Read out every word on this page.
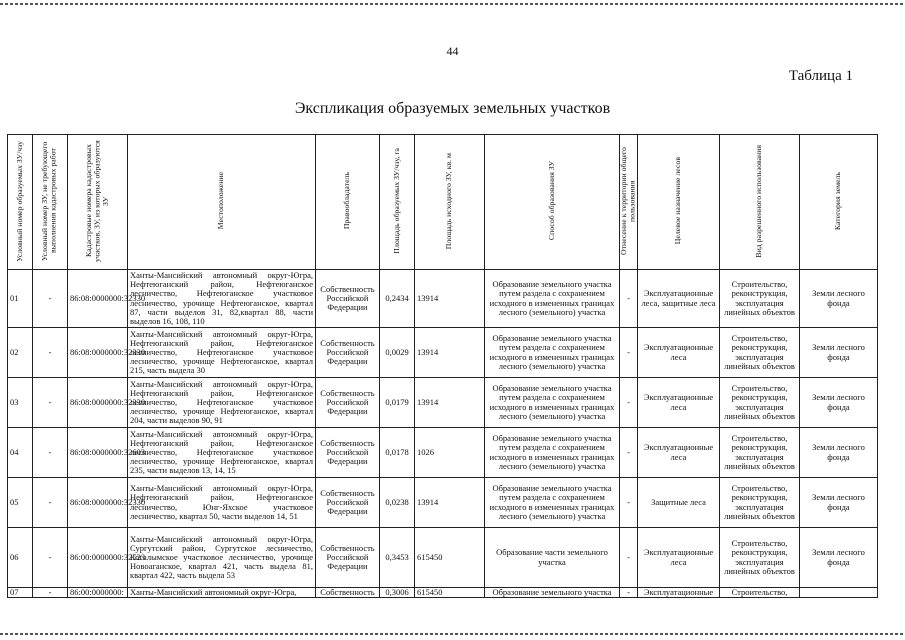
44
Таблица 1
Экспликация образуемых земельных участков
Условный номер образуемых ЗУ/чзу	Условный номер ЗУ, не требующего выполнения кадастровых работ	Кадастровые номера кадастровых участков, ЗУ, из которых образуются ЗУ	Местоположение	Правообладатель	Площадь образуемых ЗУ/чзу, га	Площадь исходного ЗУ, кв. м	Способ образования ЗУ	Отнесение к территории общего пользования	Целевое назначение лесов	Вид разрешенного использования	Категория земель
01	-	86:08:0000000:32330	Ханты-Мансийский автономный округ-Югра, Нефтеюганский район, Нефтеюганское лесничество, Нефтеюганское участковое лесничество, урочище Нефтеюганское, квартал 87, части выделов 31, 82,квартал 88, части выделов 16, 108, 110	Собственность Российской Федерации	0,2434	13914	Образование земельного участка путем раздела с сохранением исходного в измененных границах лесного (земельного) участка	-	Эксплуатационные леса, защитные леса	Строительство, реконструкция, эксплуатация линейных объектов	Земли лесного фонда
02	-	86:08:0000000:32330	Ханты-Мансийский автономный округ-Югра, Нефтеюганский район, Нефтеюганское лесничество, Нефтеюганское участковое лесничество, урочище Нефтеюганское, квартал 215, часть выдела 30	Собственность Российской Федерации	0,0029	13914	Образование земельного участка путем раздела с сохранением исходного в измененных границах лесного (земельного) участка	-	Эксплуатационные леса	Строительство, реконструкция, эксплуатация линейных объектов	Земли лесного фонда
03	-	86:08:0000000:32330	Ханты-Мансийский автономный округ-Югра, Нефтеюганский район, Нефтеюганское лесничество, Нефтеюганское участковое лесничество, урочище Нефтеюганское, квартал 204, части выделов 90, 91	Собственность Российской Федерации	0,0179	13914	Образование земельного участка путем раздела с сохранением исходного в измененных границах лесного (земельного) участка	-	Эксплуатационные леса	Строительство, реконструкция, эксплуатация линейных объектов	Земли лесного фонда
04	-	86:08:0000000:32603	Ханты-Мансийский автономный округ-Югра, Нефтеюганский район, Нефтеюганское лесничество, Нефтеюганское участковое лесничество, урочище Нефтеюганское, квартал 235, части выделов 13, 14, 15	Собственность Российской Федерации	0,0178	1026	Образование земельного участка путем раздела с сохранением исходного в измененных границах лесного (земельного) участка	-	Эксплуатационные леса	Строительство, реконструкция, эксплуатация линейных объектов	Земли лесного фонда
05	-	86:08:0000000:32330	Ханты-Мансийский автономный округ-Югра, Нефтеюганский район, Нефтеюганское лесничество, Юнг-Яхское участковое лесничество, квартал 50, части выделов 14, 51	Собственность Российской Федерации	0,0238	13914	Образование земельного участка путем раздела с сохранением исходного в измененных границах лесного (земельного) участка	-	Защитные леса	Строительство, реконструкция, эксплуатация линейных объектов	Земли лесного фонда
06	-	86:00:0000000:32523	Ханты-Мансийский автономный округ-Югра, Сургутский район, Сургутское лесничество, Когалымское участковое лесничество, урочище Новоаганское, квартал 421, часть выдела 81, квартал 422, часть выдела 53	Собственность Российской Федерации	0,3453	615450	Образование части земельного участка	-	Эксплуатационные леса	Строительство, реконструкция, эксплуатация линейных объектов	Земли лесного фонда
07	-	86:00:0000000:	Ханты-Мансийский автономный округ-Югра,	Собственность	0,3006	615450	Образование земельного участка	-	Эксплуатационные	Строительство,	
